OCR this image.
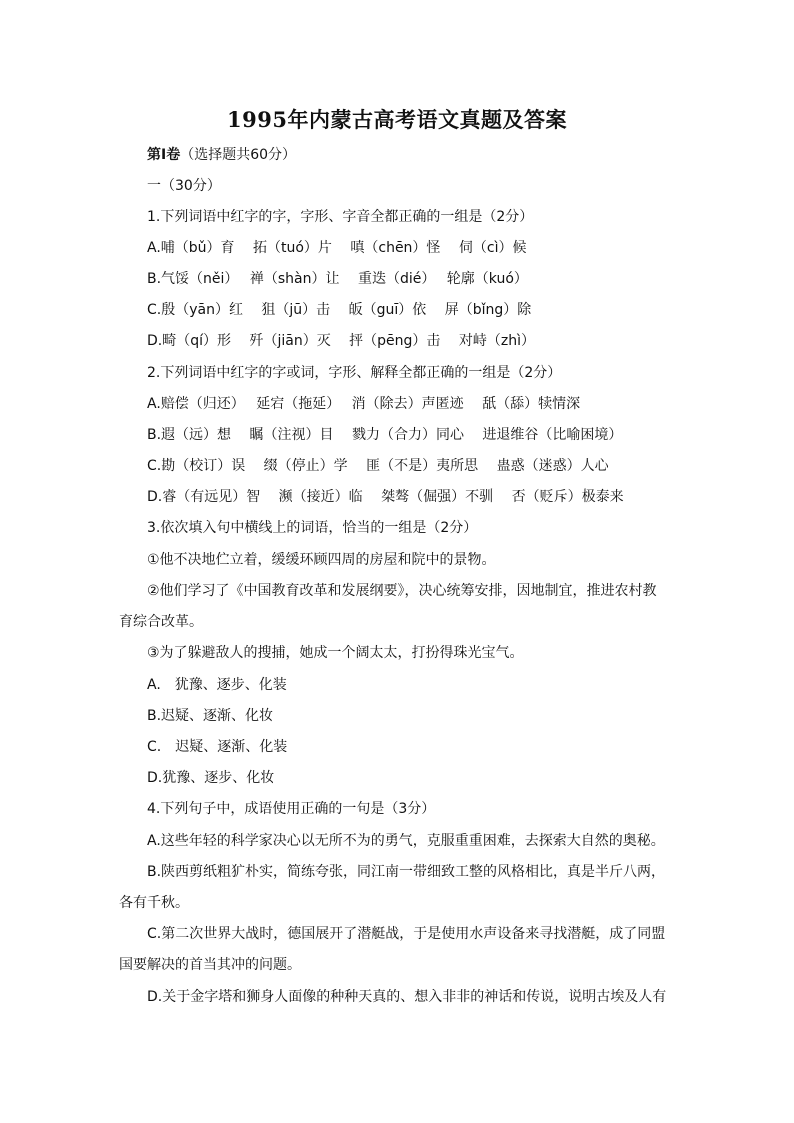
1995年内蒙古高考语文真题及答案
第Ⅰ卷（选择题共60分）
一（30分）
1.下列词语中红字的字，字形、字音全都正确的一组是（2分）
A.哺（bǔ）育　 拓（tuó）片　 嗔（chēn）怪　 伺（cì）候
B.气馁（něi）　 禅（shàn）让　 重迭（dié）　 轮廓（kuó）
C.殷（yān）红　 狙（jū）击　 皈（guī）依　 屏（bǐng）除
D.畸（qí）形　 歼（jiān）灭　 抨（pēng）击　 对峙（zhì）
2.下列词语中红字的字或词，字形、解释全都正确的一组是（2分）
A.赔偿（归还）　 延宕（拖延）　 消（除去）声匿迹　 舐（舔）犊情深
B.遐（远）想　 瞩（注视）目　 戮力（合力）同心　 进退维谷（比喻困境）
C.勘（校订）误　 缀（停止）学　 匪（不是）夷所思　 蛊惑（迷惑）人心
D.睿（有远见）智　 濒（接近）临　 桀骜（倔强）不驯　 否（贬斥）极泰来
3.依次填入句中横线上的词语，恰当的一组是（2分）
①他不决地伫立着，缓缓环顾四周的房屋和院中的景物。
②他们学习了《中国教育改革和发展纲要》，决心统筹安排，因地制宜，推进农村教
育综合改革。
③为了躲避敌人的搜捕，她成一个阔太太，打扮得珠光宝气。
A.　犹豫、逐步、化装
B.迟疑、逐渐、化妆
C.　迟疑、逐渐、化装
D.犹豫、逐步、化妆
4.下列句子中，成语使用正确的一句是（3分）
A.这些年轻的科学家决心以无所不为的勇气，克服重重困难，去探索大自然的奥秘。
B.陕西剪纸粗犷朴实，简练夸张，同江南一带细致工整的风格相比，真是半斤八两，
各有千秋。
C.第二次世界大战时，德国展开了潜艇战，于是使用水声设备来寻找潜艇，成了同盟
国要解决的首当其冲的问题。
D.关于金字塔和狮身人面像的种种天真的、想入非非的神话和传说，说明古埃及人有
